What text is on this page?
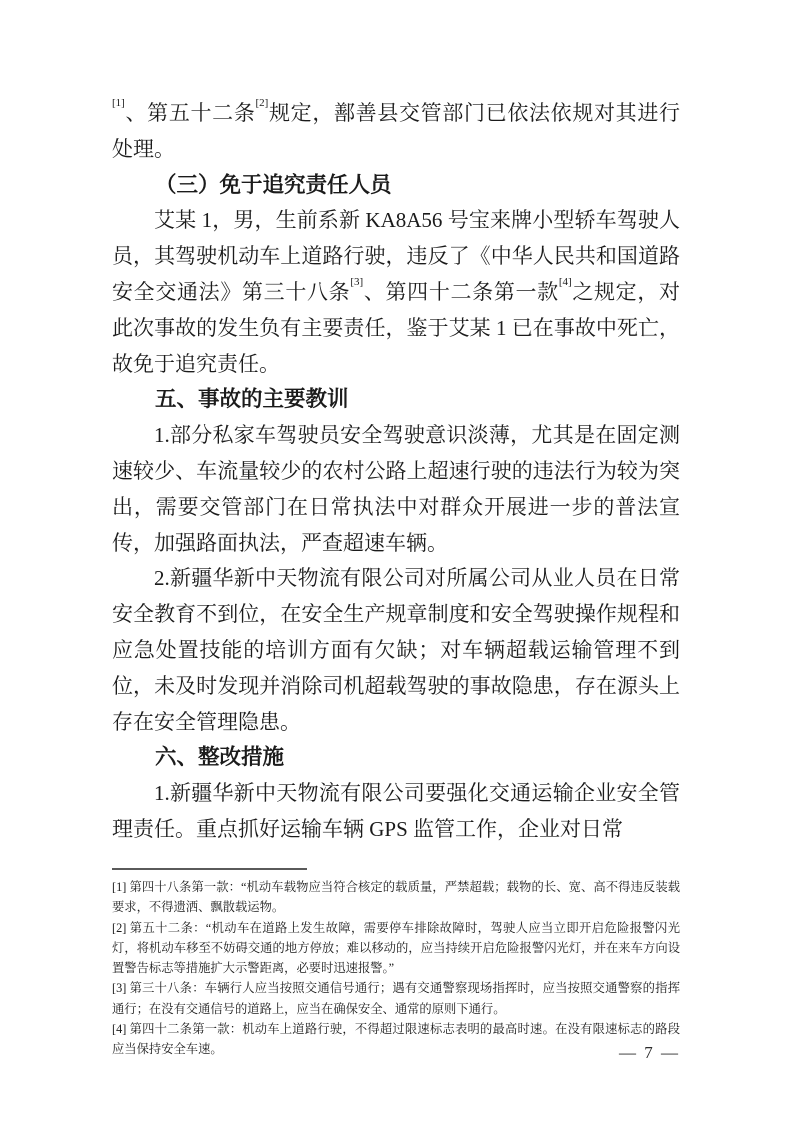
[1]、第五十二条[2]规定，鄯善县交管部门已依法依规对其进行处理。

（三）免于追究责任人员

艾某 1，男，生前系新 KA8A56 号宝来牌小型轿车驾驶人员，其驾驶机动车上道路行驶，违反了《中华人民共和国道路安全交通法》第三十八条[3]、第四十二条第一款[4]之规定，对此次事故的发生负有主要责任，鉴于艾某 1 已在事故中死亡，故免于追究责任。

五、事故的主要教训

1.部分私家车驾驶员安全驾驶意识淡薄，尤其是在固定测速较少、车流量较少的农村公路上超速行驶的违法行为较为突出，需要交管部门在日常执法中对群众开展进一步的普法宣传，加强路面执法，严查超速车辆。

2.新疆华新中天物流有限公司对所属公司从业人员在日常安全教育不到位，在安全生产规章制度和安全驾驶操作规程和应急处置技能的培训方面有欠缺；对车辆超载运输管理不到位，未及时发现并消除司机超载驾驶的事故隐患，存在源头上存在安全管理隐患。

六、整改措施

1.新疆华新中天物流有限公司要强化交通运输企业安全管理责任。重点抓好运输车辆 GPS 监管工作，企业对日常

[1] 第四十八条第一款：“机动车载物应当符合核定的载质量，严禁超载；载物的长、宽、高不得违反装载要求，不得遗洒、飘散载运物。

[2] 第五十二条：“机动车在道路上发生故障，需要停车排除故障时，驾驶人应当立即开启危险报警闪光灯，将机动车移至不妨碍交通的地方停放；难以移动的，应当持续开启危险报警闪光灯，并在来车方向设置警告标志等措施扩大示警距离，必要时迅速报警。”

[3] 第三十八条：车辆行人应当按照交通信号通行；遇有交通警察现场指挥时，应当按照交通警察的指挥通行；在没有交通信号的道路上，应当在确保安全、通常的原则下通行。

[4] 第四十二条第一款：机动车上道路行驶，不得超过限速标志表明的最高时速。在没有限速标志的路段应当保持安全车速。	— 7 —
